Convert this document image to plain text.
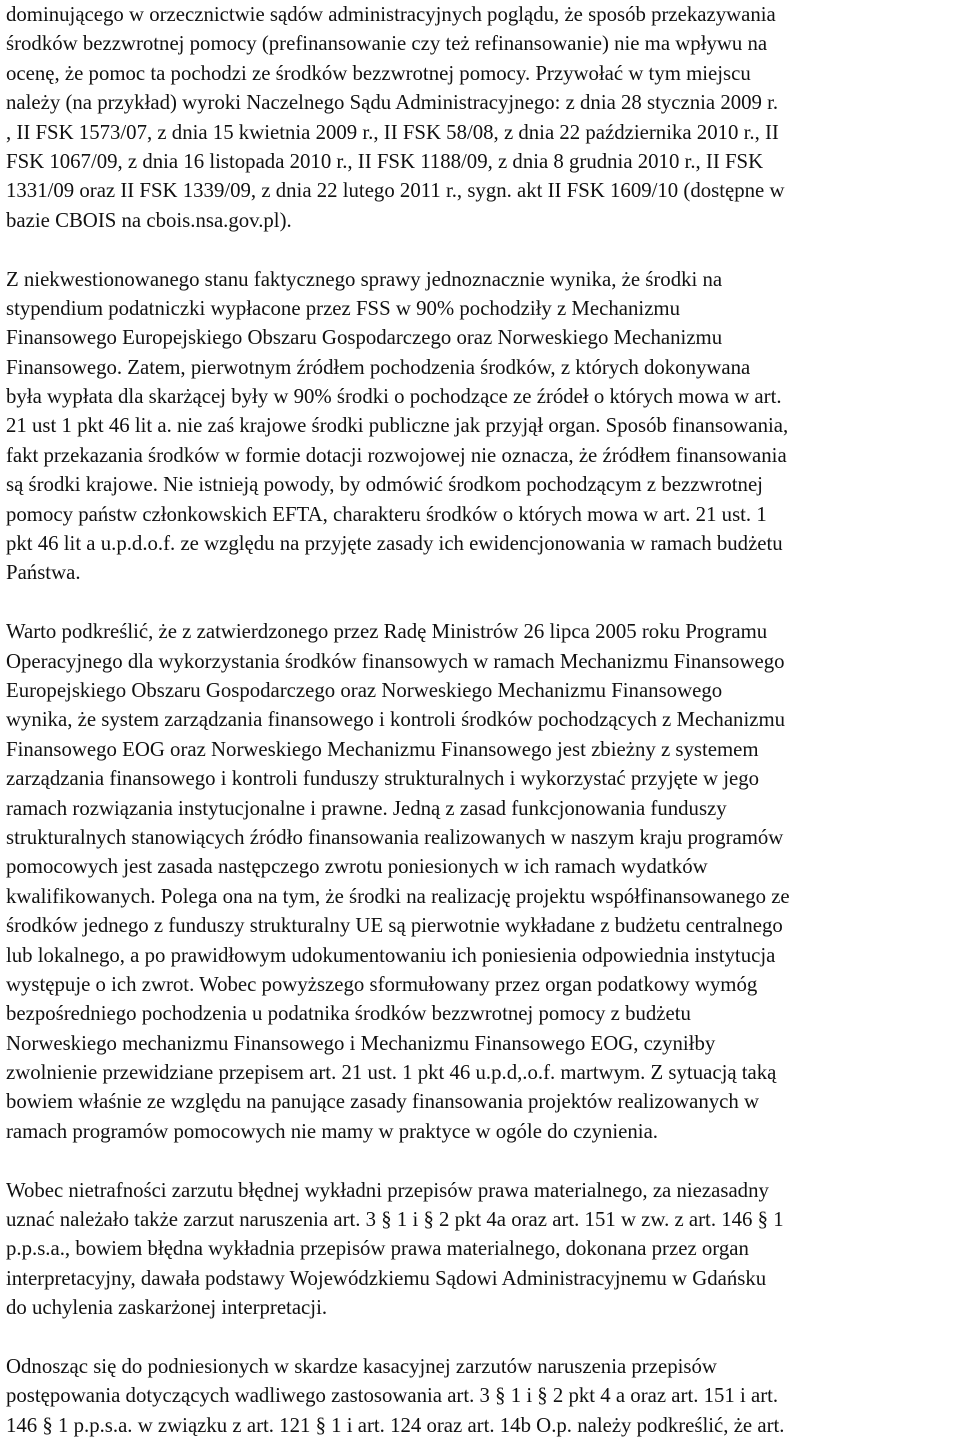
dominującego w orzecznictwie sądów administracyjnych poglądu, że sposób przekazywania
środków bezzwrotnej pomocy (prefinansowanie czy też refinansowanie) nie ma wpływu na
ocenę, że pomoc ta pochodzi ze środków bezzwrotnej pomocy. Przywołać w tym miejscu
należy (na przykład) wyroki Naczelnego Sądu Administracyjnego: z dnia 28 stycznia 2009 r.
, II FSK 1573/07, z dnia 15 kwietnia 2009 r., II FSK 58/08, z dnia 22 października 2010 r., II
FSK 1067/09, z dnia 16 listopada 2010 r., II FSK 1188/09, z dnia 8 grudnia 2010 r., II FSK
1331/09 oraz II FSK 1339/09, z dnia 22 lutego 2011 r., sygn. akt II FSK 1609/10 (dostępne w
bazie CBOIS na cbois.nsa.gov.pl).
Z niekwestionowanego stanu faktycznego sprawy jednoznacznie wynika, że środki na
stypendium podatniczki wypłacone przez FSS w 90% pochodziły z Mechanizmu
Finansowego Europejskiego Obszaru Gospodarczego oraz Norweskiego Mechanizmu
Finansowego. Zatem, pierwotnym źródłem pochodzenia środków, z których dokonywana
była wypłata dla skarżącej były w 90% środki o pochodzące ze źródeł o których mowa w art.
21 ust 1 pkt 46 lit a. nie zaś krajowe środki publiczne jak przyjął organ. Sposób finansowania,
fakt przekazania środków w formie dotacji rozwojowej nie oznacza, że źródłem finansowania
są środki krajowe. Nie istnieją powody, by odmówić środkom pochodzącym z bezzwrotnej
pomocy państw członkowskich EFTA, charakteru środków o których mowa w art. 21 ust. 1
pkt 46 lit a u.p.d.o.f. ze względu na przyjęte zasady ich ewidencjonowania w ramach budżetu
Państwa.
Warto podkreślić, że z zatwierdzonego przez Radę Ministrów 26 lipca 2005 roku Programu
Operacyjnego dla wykorzystania środków finansowych w ramach Mechanizmu Finansowego
Europejskiego Obszaru Gospodarczego oraz Norweskiego Mechanizmu Finansowego
wynika, że system zarządzania finansowego i kontroli środków pochodzących z Mechanizmu
Finansowego EOG oraz Norweskiego Mechanizmu Finansowego jest zbieżny z systemem
zarządzania finansowego i kontroli funduszy strukturalnych i wykorzystać przyjęte w jego
ramach rozwiązania instytucjonalne i prawne. Jedną z zasad funkcjonowania funduszy
strukturalnych stanowiących źródło finansowania realizowanych w naszym kraju programów
pomocowych jest zasada następczego zwrotu poniesionych w ich ramach wydatków
kwalifikowanych. Polega ona na tym, że środki na realizację projektu współfinansowanego ze
środków jednego z funduszy strukturalny UE są pierwotnie wykładane z budżetu centralnego
lub lokalnego, a po prawidłowym udokumentowaniu ich poniesienia odpowiednia instytucja
występuje o ich zwrot. Wobec powyższego sformułowany przez organ podatkowy wymóg
bezpośredniego pochodzenia u podatnika środków bezzwrotnej pomocy z budżetu
Norweskiego mechanizmu Finansowego i Mechanizmu Finansowego EOG, czyniłby
zwolnienie przewidziane przepisem art. 21 ust. 1 pkt 46 u.p.d,.o.f. martwym. Z sytuacją taką
bowiem właśnie ze względu na panujące zasady finansowania projektów realizowanych w
ramach programów pomocowych nie mamy w praktyce w ogóle do czynienia.
Wobec nietrafności zarzutu błędnej wykładni przepisów prawa materialnego, za niezasadny
uznać należało także zarzut naruszenia art. 3 § 1 i § 2 pkt 4a oraz art. 151 w zw. z art. 146 § 1
p.p.s.a., bowiem błędna wykładnia przepisów prawa materialnego, dokonana przez organ
interpretacyjny, dawała podstawy Wojewódzkiemu Sądowi Administracyjnemu w Gdańsku
do uchylenia zaskarżonej interpretacji.
Odnosząc się do podniesionych w skardze kasacyjnej zarzutów naruszenia przepisów
postępowania dotyczących wadliwego zastosowania art. 3 § 1 i § 2 pkt 4 a oraz art. 151 i art.
146 § 1 p.p.s.a. w związku z art. 121 § 1 i art. 124 oraz art. 14b O.p. należy podkreślić, że art.
